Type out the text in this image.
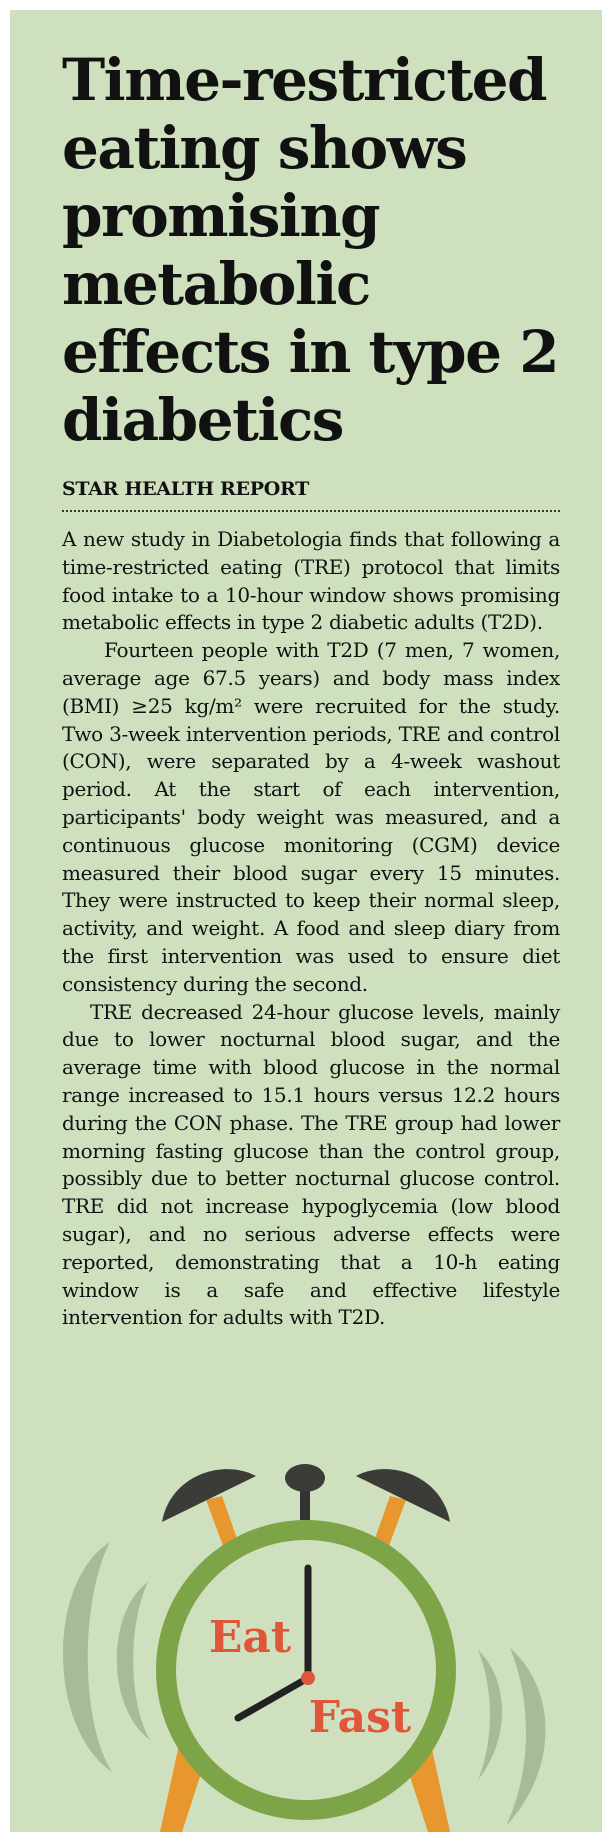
Time-restricted eating shows promising metabolic effects in type 2 diabetics
STAR HEALTH REPORT

A new study in Diabetologia finds that following a time-restricted eating (TRE) protocol that limits food intake to a 10-hour window shows promising metabolic effects in type 2 diabetic adults (T2D).

Fourteen people with T2D (7 men, 7 women, average age 67.5 years) and body mass index (BMI) ≥25 kg/m² were recruited for the study. Two 3-week intervention periods, TRE and control (CON), were separated by a 4-week washout period. At the start of each intervention, participants' body weight was measured, and a continuous glucose monitoring (CGM) device measured their blood sugar every 15 minutes. They were instructed to keep their normal sleep, activity, and weight. A food and sleep diary from the first intervention was used to ensure diet consistency during the second.

TRE decreased 24-hour glucose levels, mainly due to lower nocturnal blood sugar, and the average time with blood glucose in the normal range increased to 15.1 hours versus 12.2 hours during the CON phase. The TRE group had lower morning fasting glucose than the control group, possibly due to better nocturnal glucose control. TRE did not increase hypoglycemia (low blood sugar), and no serious adverse effects were reported, demonstrating that a 10-h eating window is a safe and effective lifestyle intervention for adults with T2D.

Eat
Fast
